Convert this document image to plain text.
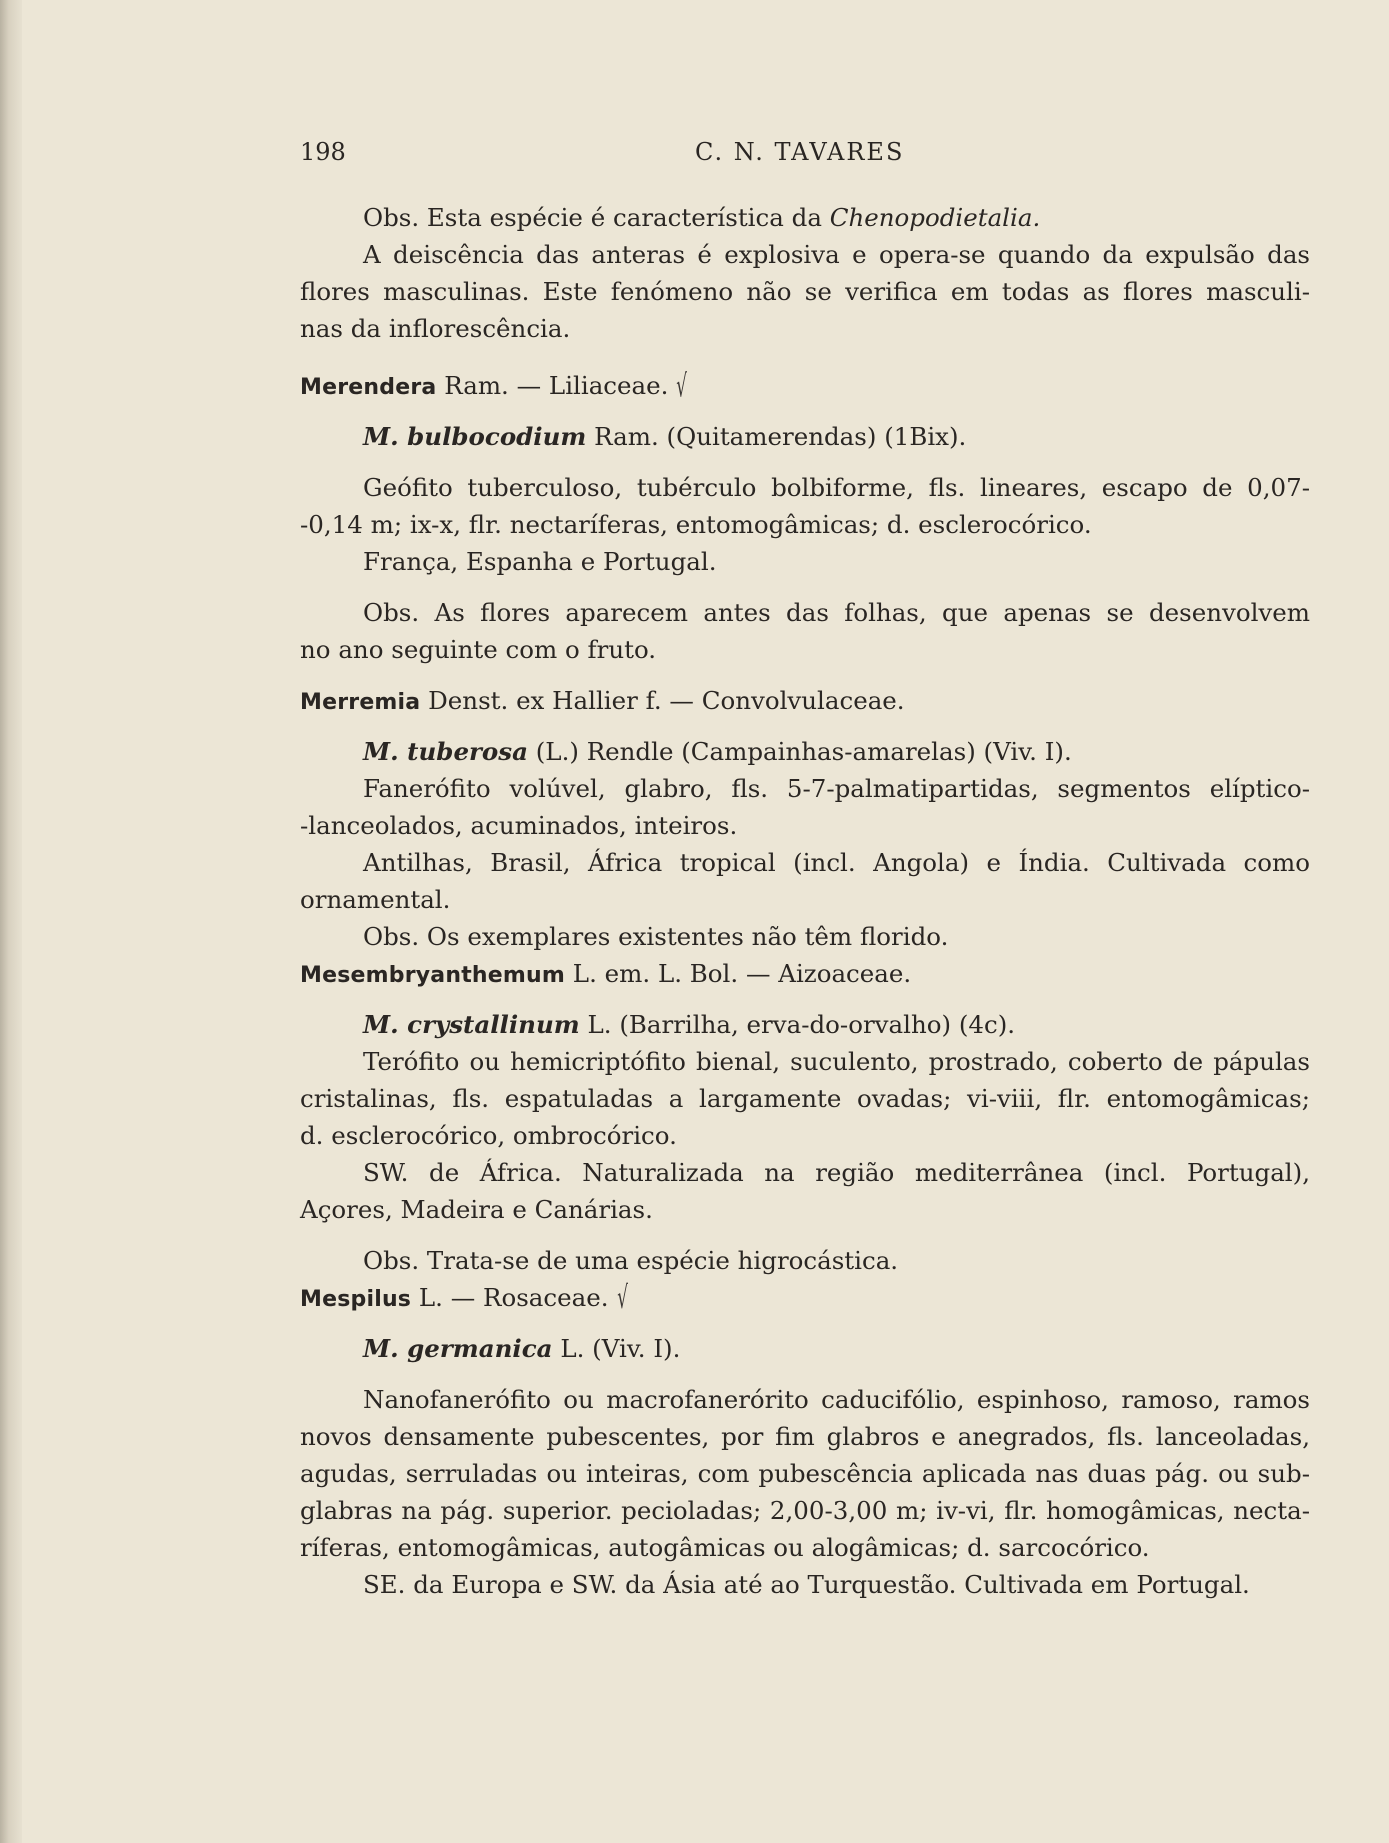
198	C. N. TAVARES
Obs. Esta espécie é característica da Chenopodietalia.
A deiscência das anteras é explosiva e opera-se quando da expulsão das
flores masculinas. Este fenómeno não se verifica em todas as flores masculi-
nas da inflorescência.
Merendera Ram. — Liliaceae. √
M. bulbocodium Ram. (Quitamerendas) (1Bix).
Geófito tuberculoso, tubérculo bolbiforme, fls. lineares, escapo de 0,07-
-0,14 m; ix-x, flr. nectaríferas, entomogâmicas; d. esclerocórico.
França, Espanha e Portugal.
Obs. As flores aparecem antes das folhas, que apenas se desenvolvem
no ano seguinte com o fruto.
Merremia Denst. ex Hallier f. — Convolvulaceae.
M. tuberosa (L.) Rendle (Campainhas-amarelas) (Viv. I).
Fanerófito volúvel, glabro, fls. 5-7-palmatipartidas, segmentos elíptico-
-lanceolados, acuminados, inteiros.
Antilhas, Brasil, África tropical (incl. Angola) e Índia. Cultivada como
ornamental.
Obs. Os exemplares existentes não têm florido.
Mesembryanthemum L. em. L. Bol. — Aizoaceae.
M. crystallinum L. (Barrilha, erva-do-orvalho) (4c).
Terófito ou hemicriptófito bienal, suculento, prostrado, coberto de pápulas
cristalinas, fls. espatuladas a largamente ovadas; vi-viii, flr. entomogâmicas;
d. esclerocórico, ombrocórico.
SW. de África. Naturalizada na região mediterrânea (incl. Portugal),
Açores, Madeira e Canárias.
Obs. Trata-se de uma espécie higrocástica.
Mespilus L. — Rosaceae. √
M. germanica L. (Viv. I).
Nanofanerófito ou macrofanerórito caducifólio, espinhoso, ramoso, ramos
novos densamente pubescentes, por fim glabros e anegrados, fls. lanceoladas,
agudas, serruladas ou inteiras, com pubescência aplicada nas duas pág. ou sub-
glabras na pág. superior. pecioladas; 2,00-3,00 m; iv-vi, flr. homogâmicas, necta-
ríferas, entomogâmicas, autogâmicas ou alogâmicas; d. sarcocórico.
SE. da Europa e SW. da Ásia até ao Turquestão. Cultivada em Portugal.
